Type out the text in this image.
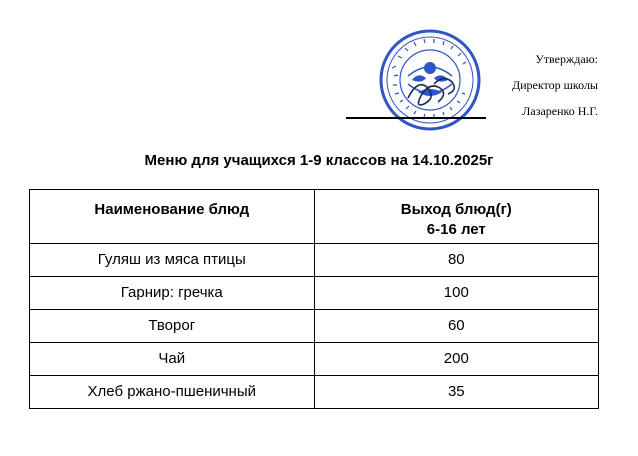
Утверждаю:
Директор школы
Лазаренко Н.Г.
Меню для учащихся 1-9 классов на 14.10.2025г
Наименование блюд	Выход блюд(г)
6-16 лет

Гуляш из мяса птицы	80
Гарнир: гречка	100
Творог	60
Чай	200
Хлеб ржано-пшеничный	35
